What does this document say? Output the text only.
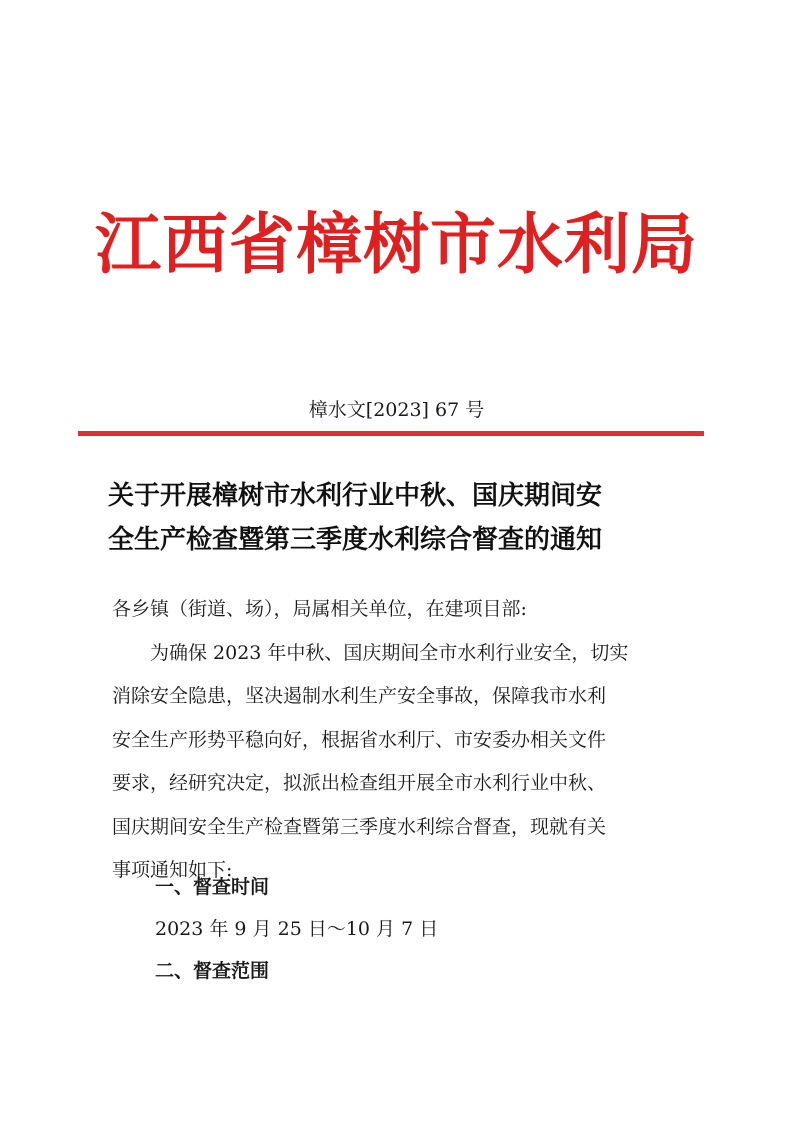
江西省樟树市水利局
樟水文[2023] 67 号
关于开展樟树市水利行业中秋、国庆期间安
全生产检查暨第三季度水利综合督查的通知
各乡镇（街道、场），局属相关单位，在建项目部:
　　为确保 2023 年中秋、国庆期间全市水利行业安全，切实
消除安全隐患，坚决遏制水利生产安全事故，保障我市水利
安全生产形势平稳向好，根据省水利厅、市安委办相关文件
要求，经研究决定，拟派出检查组开展全市水利行业中秋、
国庆期间安全生产检查暨第三季度水利综合督查，现就有关
事项通知如下:
一、督查时间
2023 年 9 月 25 日～10 月 7 日
二、督查范围
